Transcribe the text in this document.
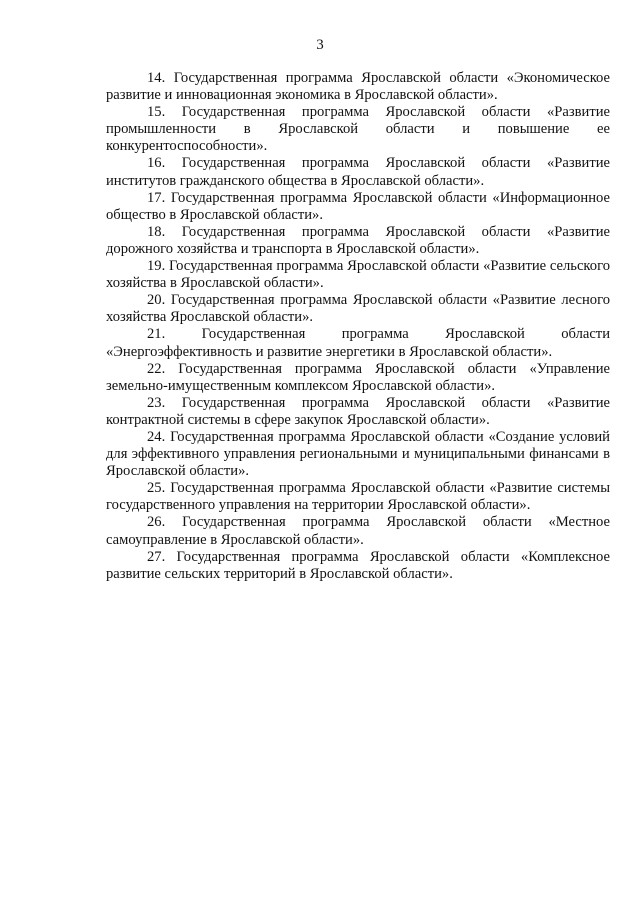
3

14. Государственная программа Ярославской области «Экономическое развитие и инновационная экономика в Ярославской области».

15. Государственная программа Ярославской области «Развитие промышленности в Ярославской области и повышение ее конкурентоспособности».

16. Государственная программа Ярославской области «Развитие институтов гражданского общества в Ярославской области».

17. Государственная программа Ярославской области «Информационное общество в Ярославской области».

18. Государственная программа Ярославской области «Развитие дорожного хозяйства и транспорта в Ярославской области».

19. Государственная программа Ярославской области «Развитие сельского хозяйства в Ярославской области».

20. Государственная программа Ярославской области «Развитие лесного хозяйства Ярославской области».

21. Государственная программа Ярославской области «Энергоэффективность и развитие энергетики в Ярославской области».

22. Государственная программа Ярославской области «Управление земельно-имущественным комплексом Ярославской области».

23. Государственная программа Ярославской области «Развитие контрактной системы в сфере закупок Ярославской области».

24. Государственная программа Ярославской области «Создание условий для эффективного управления региональными и муниципальными финансами в Ярославской области».

25. Государственная программа Ярославской области «Развитие системы государственного управления на территории Ярославской области».

26. Государственная программа Ярославской области «Местное самоуправление в Ярославской области».

27. Государственная программа Ярославской области «Комплексное развитие сельских территорий в Ярославской области».
